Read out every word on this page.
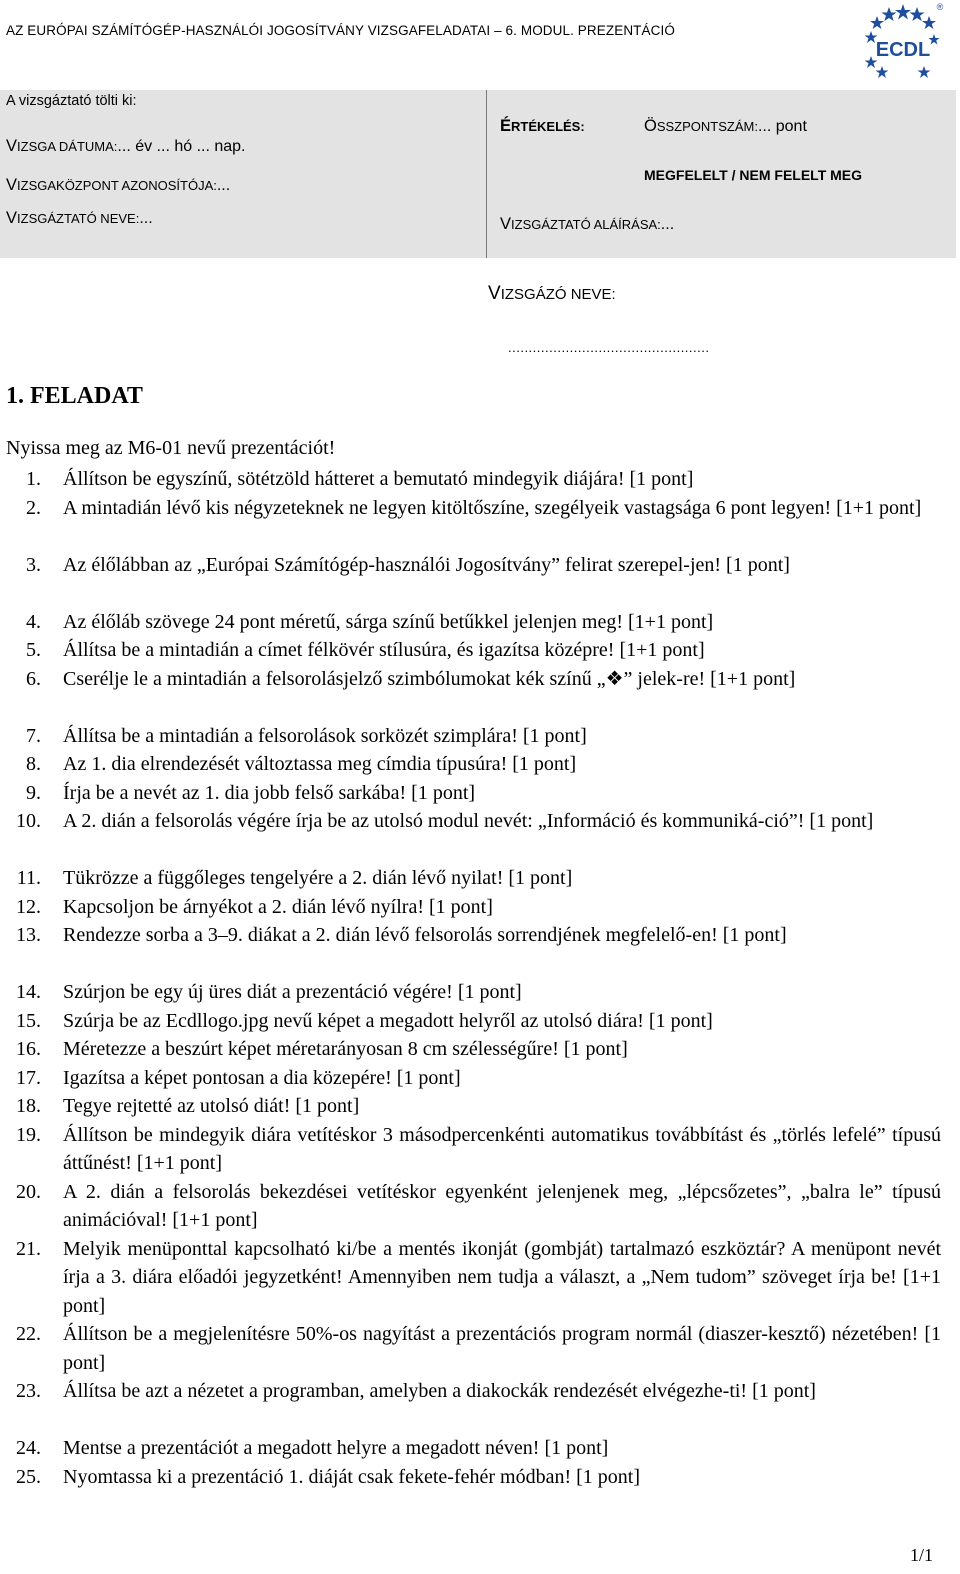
AZ EURÓPAI SZÁMÍTÓGÉP-HASZNÁLÓI JOGOSÍTVÁNY VIZSGAFELADATAI – 6. MODUL. PREZENTÁCIÓ
ECDL
®
A vizsgáztató tölti ki:
VIZSGA DÁTUMA:... év ... hó ... nap.
VIZSGAKÖZPONT AZONOSÍTÓJA:...
VIZSGÁZTATÓ NEVE:...
ÉRTÉKELÉS:	ÖSSZPONTSZÁM:... pont
MEGFELELT / NEM FELELT MEG
VIZSGÁZTATÓ ALÁÍRÁSA:...
VIZSGÁZÓ NEVE:
.................................................
1. FELADAT
Nyissa meg az M6-01 nevű prezentációt!
1. Állítson be egyszínű, sötétzöld hátteret a bemutató mindegyik diájára! [1 pont]
2. A mintadián lévő kis négyzeteknek ne legyen kitöltőszíne, szegélyeik vastagsága 6 pont legyen! [1+1 pont]
3. Az élőlábban az „Európai Számítógép-használói Jogosítvány” felirat szerepel-jen! [1 pont]
4. Az élőláb szövege 24 pont méretű, sárga színű betűkkel jelenjen meg! [1+1 pont]
5. Állítsa be a mintadián a címet félkövér stílusúra, és igazítsa középre! [1+1 pont]
6. Cserélje le a mintadián a felsorolásjelző szimbólumokat kék színű „❖” jelek-re! [1+1 pont]
7. Állítsa be a mintadián a felsorolások sorközét szimplára! [1 pont]
8. Az 1. dia elrendezését változtassa meg címdia típusúra! [1 pont]
9. Írja be a nevét az 1. dia jobb felső sarkába! [1 pont]
10. A 2. dián a felsorolás végére írja be az utolsó modul nevét: „Információ és kommuniká-ció”! [1 pont]
11. Tükrözze a függőleges tengelyére a 2. dián lévő nyilat! [1 pont]
12. Kapcsoljon be árnyékot a 2. dián lévő nyílra! [1 pont]
13. Rendezze sorba a 3–9. diákat a 2. dián lévő felsorolás sorrendjének megfelelő-en! [1 pont]
14. Szúrjon be egy új üres diát a prezentáció végére! [1 pont]
15. Szúrja be az Ecdllogo.jpg nevű képet a megadott helyről az utolsó diára! [1 pont]
16. Méretezze a beszúrt képet méretarányosan 8 cm szélességűre! [1 pont]
17. Igazítsa a képet pontosan a dia közepére! [1 pont]
18. Tegye rejtetté az utolsó diát! [1 pont]
19. Állítson be mindegyik diára vetítéskor 3 másodpercenkénti automatikus továbbítást és „törlés lefelé” típusú áttűnést! [1+1 pont]
20. A 2. dián a felsorolás bekezdései vetítéskor egyenként jelenjenek meg, „lépcsőzetes”, „balra le” típusú animációval! [1+1 pont]
21. Melyik menüponttal kapcsolható ki/be a mentés ikonját (gombját) tartalmazó eszköztár? A menüpont nevét írja a 3. diára előadói jegyzetként! Amennyiben nem tudja a választ, a „Nem tudom” szöveget írja be! [1+1 pont]
22. Állítson be a megjelenítésre 50%-os nagyítást a prezentációs program normál (diaszer-kesztő) nézetében! [1 pont]
23. Állítsa be azt a nézetet a programban, amelyben a diakockák rendezését elvégezhe-ti! [1 pont]
24. Mentse a prezentációt a megadott helyre a megadott néven! [1 pont]
25. Nyomtassa ki a prezentáció 1. diáját csak fekete-fehér módban! [1 pont]
1/1
